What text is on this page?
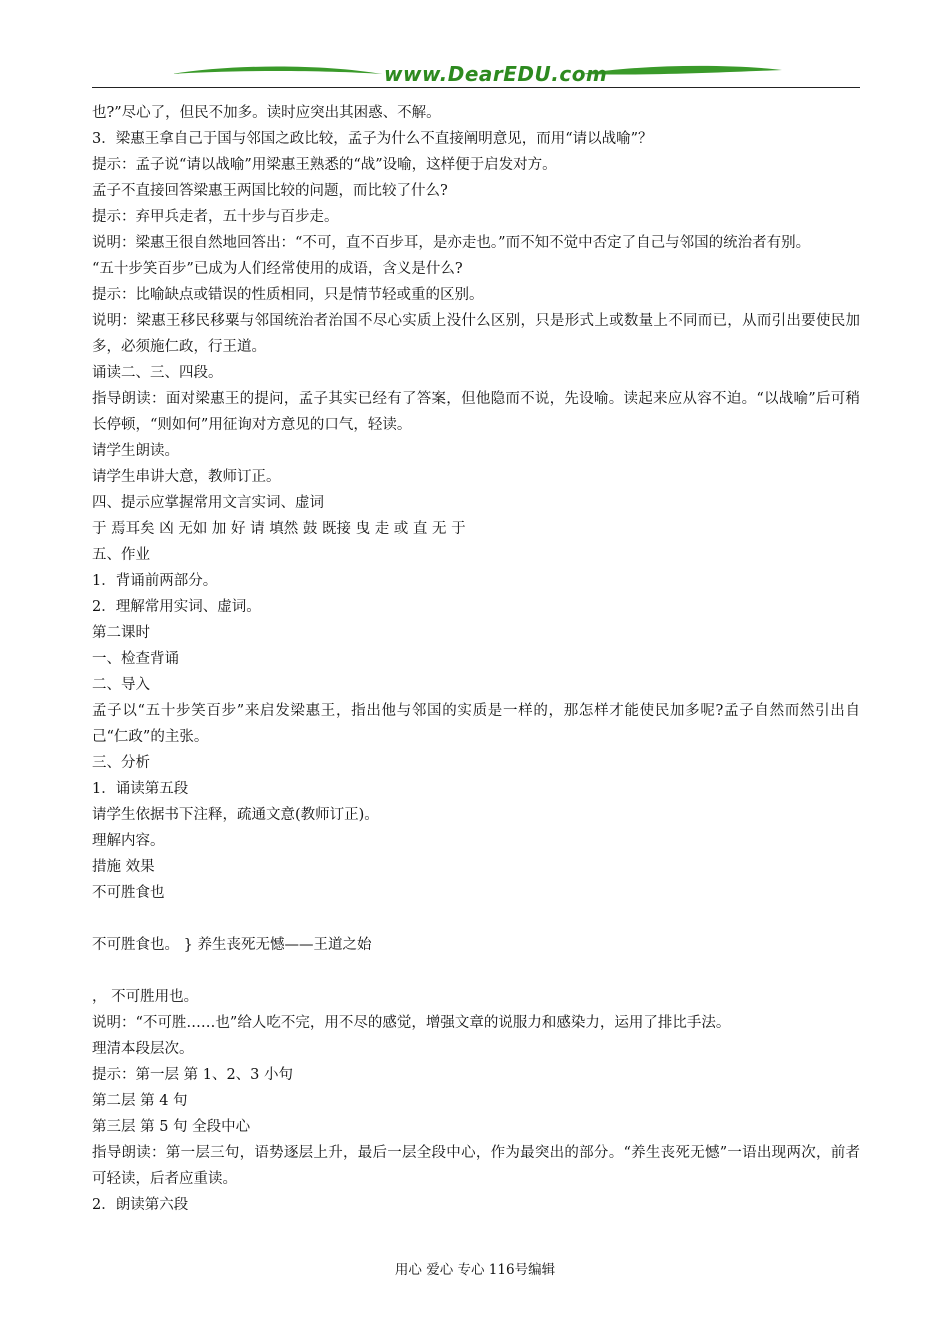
www.DearEDU.com
也?”尽心了，但民不加多。读时应突出其困惑、不解。
3．梁惠王拿自己于国与邻国之政比较，孟子为什么不直接阐明意见，而用“请以战喻”？
提示：孟子说“请以战喻”用梁惠王熟悉的“战”设喻，这样便于启发对方。
孟子不直接回答梁惠王两国比较的问题，而比较了什么?
提示：弃甲兵走者，五十步与百步走。
说明：梁惠王很自然地回答出：“不可，直不百步耳，是亦走也。”而不知不觉中否定了自己与邻国的统治者有别。
“五十步笑百步”已成为人们经常使用的成语，含义是什么?
提示：比喻缺点或错误的性质相同，只是情节轻或重的区别。
说明：梁惠王移民移粟与邻国统治者治国不尽心实质上没什么区别，只是形式上或数量上不同而已，从而引出要使民加多，必须施仁政，行王道。
诵读二、三、四段。
指导朗读：面对梁惠王的提问，孟子其实已经有了答案，但他隐而不说，先设喻。读起来应从容不迫。“以战喻”后可稍长停顿，“则如何”用征询对方意见的口气，轻读。
请学生朗读。
请学生串讲大意，教师订正。
四、提示应掌握常用文言实词、虚词
于 焉耳矣 凶 无如 加 好 请 填然 鼓 既接 曳 走 或 直 无 于
五、作业
1．背诵前两部分。
2．理解常用实词、虚词。
第二课时
一、检查背诵
二、导入
孟子以“五十步笑百步”来启发梁惠王，指出他与邻国的实质是一样的，那怎样才能使民加多呢?孟子自然而然引出自己“仁政”的主张。
三、分析
1．诵读第五段
请学生依据书下注释，疏通文意(教师订正)。
理解内容。
措施 效果
不可胜食也
不可胜食也。 } 养生丧死无憾——王道之始
， 不可胜用也。
说明：“不可胜……也”给人吃不完，用不尽的感觉，增强文章的说服力和感染力，运用了排比手法。
理清本段层次。
提示：第一层 第 1、2、3 小句
第二层 第 4 句
第三层 第 5 句 全段中心
指导朗读：第一层三句，语势逐层上升，最后一层全段中心，作为最突出的部分。“养生丧死无憾”一语出现两次，前者可轻读，后者应重读。
2．朗读第六段
用心 爱心 专心 116号编辑
